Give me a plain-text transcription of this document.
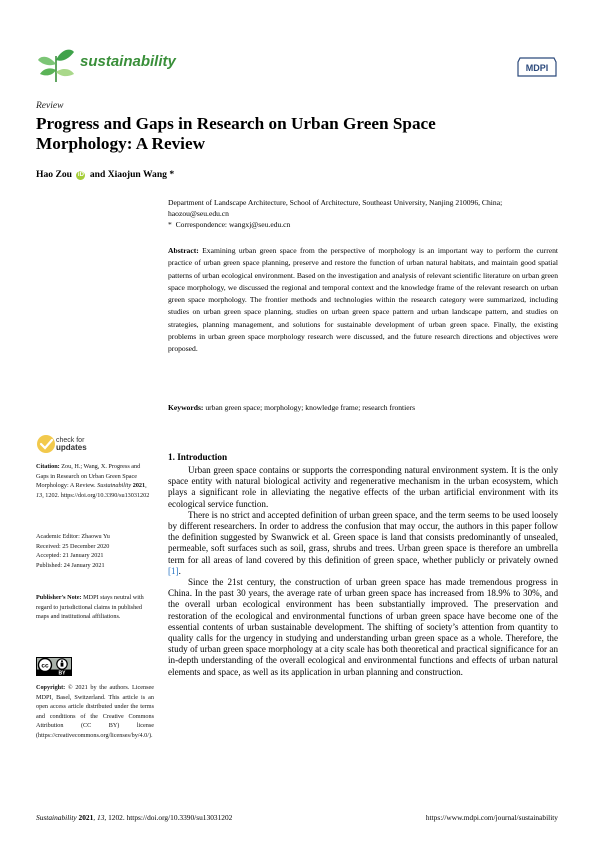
sustainability	MDPI
Review
Progress and Gaps in Research on Urban Green Space Morphology: A Review
Hao Zou iD and Xiaojun Wang *
Department of Landscape Architecture, School of Architecture, Southeast University, Nanjing 210096, China; haozou@seu.edu.cn
*  Correspondence: wangxj@seu.edu.cn
Abstract: Examining urban green space from the perspective of morphology is an important way to perform the current practice of urban green space planning, preserve and restore the function of urban natural habitats, and maintain good spatial patterns of urban ecological environment. Based on the investigation and analysis of relevant scientific literature on urban green space morphology, we discussed the regional and temporal context and the knowledge frame of the relevant research on urban green space morphology. The frontier methods and technologies within the research category were summarized, including studies on urban green space planning, studies on urban green space pattern and urban landscape pattern, and studies on strategies, planning management, and solutions for sustainable development of urban green space. Finally, the existing problems in urban green space morphology research were discussed, and the future research directions and objectives were proposed.
Keywords: urban green space; morphology; knowledge frame; research frontiers
check for
updates
Citation: Zou, H.; Wang, X. Progress and Gaps in Research on Urban Green Space Morphology: A Review. Sustainability 2021, 13, 1202. https://doi.org/10.3390/su13031202
Academic Editor: Zhaowu Yu
Received: 25 December 2020
Accepted: 21 January 2021
Published: 24 January 2021
Publisher's Note: MDPI stays neutral with regard to jurisdictional claims in published maps and institutional affiliations.
cc
BY
Copyright: © 2021 by the authors. Licensee MDPI, Basel, Switzerland. This article is an open access article distributed under the terms and conditions of the Creative Commons Attribution (CC BY) license (https://creativecommons.org/licenses/by/4.0/).
1. Introduction

Urban green space contains or supports the corresponding natural environment system. It is the only space entity with natural biological activity and regenerative mechanism in the urban ecosystem, which plays a significant role in alleviating the negative effects of the urban artificial environment with its ecological service function.

There is no strict and accepted definition of urban green space, and the term seems to be used loosely by different researchers. In order to address the confusion that may occur, the authors in this paper follow the definition suggested by Swanwick et al. Green space is land that consists predominantly of unsealed, permeable, soft surfaces such as soil, grass, shrubs and trees. Urban green space is therefore an umbrella term for all areas of land covered by this definition of green space, whether publicly or privately owned [1].

Since the 21st century, the construction of urban green space has made tremendous progress in China. In the past 30 years, the average rate of urban green space has increased from 18.9% to 30%, and the overall urban ecological environment has been substantially improved. The preservation and restoration of the ecological and environmental functions of urban green space have become one of the essential contents of urban sustainable development. The shifting of society’s attention from quantity to quality calls for the urgency in studying and understanding urban green space as a whole. Therefore, the study of urban green space morphology at a city scale has both theoretical and practical significance for an in-depth understanding of the overall ecological and environmental functions and effects of urban natural elements and space, as well as its application in urban planning and construction.

Sustainability 2021, 13, 1202. https://doi.org/10.3390/su13031202	https://www.mdpi.com/journal/sustainability
